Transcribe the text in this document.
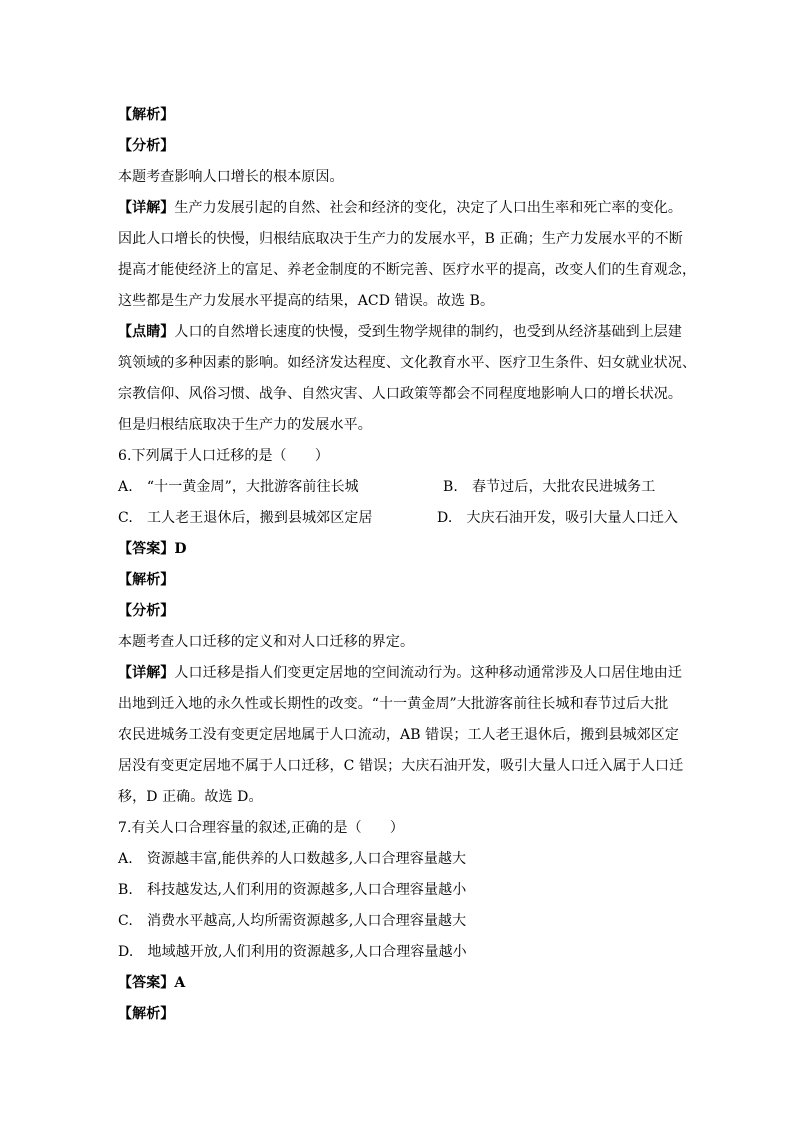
【解析】
【分析】
本题考查影响人口增长的根本原因。
【详解】生产力发展引起的自然、社会和经济的变化，决定了人口出生率和死亡率的变化。
因此人口增长的快慢，归根结底取决于生产力的发展水平，B 正确；生产力发展水平的不断
提高才能使经济上的富足、养老金制度的不断完善、医疗水平的提高，改变人们的生育观念，
这些都是生产力发展水平提高的结果，ACD 错误。故选 B。
【点睛】人口的自然增长速度的快慢，受到生物学规律的制约，也受到从经济基础到上层建
筑领域的多种因素的影响。如经济发达程度、文化教育水平、医疗卫生条件、妇女就业状况、
宗教信仰、风俗习惯、战争、自然灾害、人口政策等都会不同程度地影响人口的增长状况。
但是归根结底取决于生产力的发展水平。
6.下列属于人口迁移的是（　　）
A.　“十一黄金周”，大批游客前往长城	B.　春节过后，大批农民进城务工
C.　工人老王退休后，搬到县城郊区定居	D.　大庆石油开发，吸引大量人口迁入
【答案】D
【解析】
【分析】
本题考查人口迁移的定义和对人口迁移的界定。
【详解】人口迁移是指人们变更定居地的空间流动行为。这种移动通常涉及人口居住地由迁
出地到迁入地的永久性或长期性的改变。“十一黄金周”大批游客前往长城和春节过后大批
农民进城务工没有变更定居地属于人口流动，AB 错误；工人老王退休后，搬到县城郊区定
居没有变更定居地不属于人口迁移，C 错误；大庆石油开发，吸引大量人口迁入属于人口迁
移，D 正确。故选 D。
7.有关人口合理容量的叙述,正确的是（　　）
A.　资源越丰富,能供养的人口数越多,人口合理容量越大
B.　科技越发达,人们利用的资源越多,人口合理容量越小
C.　消费水平越高,人均所需资源越多,人口合理容量越大
D.　地域越开放,人们利用的资源越多,人口合理容量越小
【答案】A
【解析】
